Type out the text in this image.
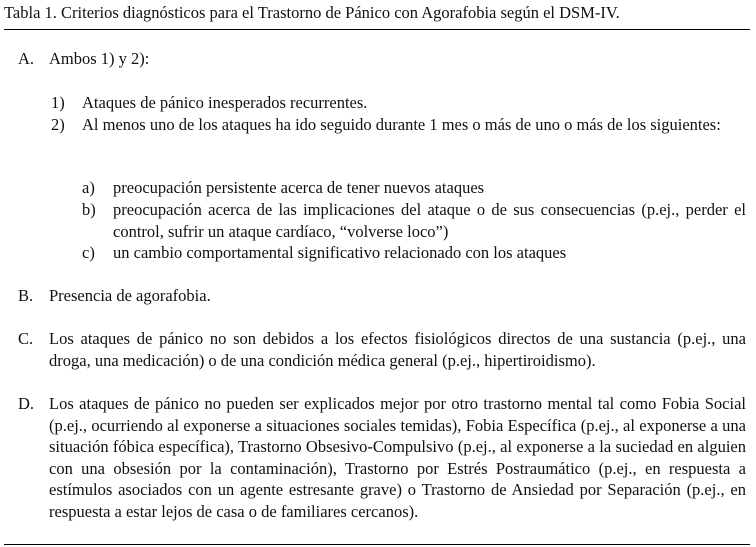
Tabla 1. Criterios diagnósticos para el Trastorno de Pánico con Agorafobia según el DSM-IV.
A. Ambos 1) y 2):
1) Ataques de pánico inesperados recurrentes.
2) Al menos uno de los ataques ha ido seguido durante 1 mes o más de uno o más de los siguientes:
a) preocupación persistente acerca de tener nuevos ataques
b) preocupación acerca de las implicaciones del ataque o de sus consecuencias (p.ej., perder el control, sufrir un ataque cardíaco, “volverse loco”)
c) un cambio comportamental significativo relacionado con los ataques
B. Presencia de agorafobia.
C. Los ataques de pánico no son debidos a los efectos fisiológicos directos de una sustancia (p.ej., una droga, una medicación) o de una condición médica general (p.ej., hipertiroidismo).
D. Los ataques de pánico no pueden ser explicados mejor por otro trastorno mental tal como Fobia Social (p.ej., ocurriendo al exponerse a situaciones sociales temidas), Fobia Específica (p.ej., al exponerse a una situación fóbica específica), Trastorno Obsesivo-Compulsivo (p.ej., al exponerse a la suciedad en alguien con una obsesión por la contaminación), Trastorno por Estrés Postraumático (p.ej., en respuesta a estímulos asociados con un agente estresante grave) o Trastorno de Ansiedad por Separación (p.ej., en respuesta a estar lejos de casa o de familiares cercanos).
